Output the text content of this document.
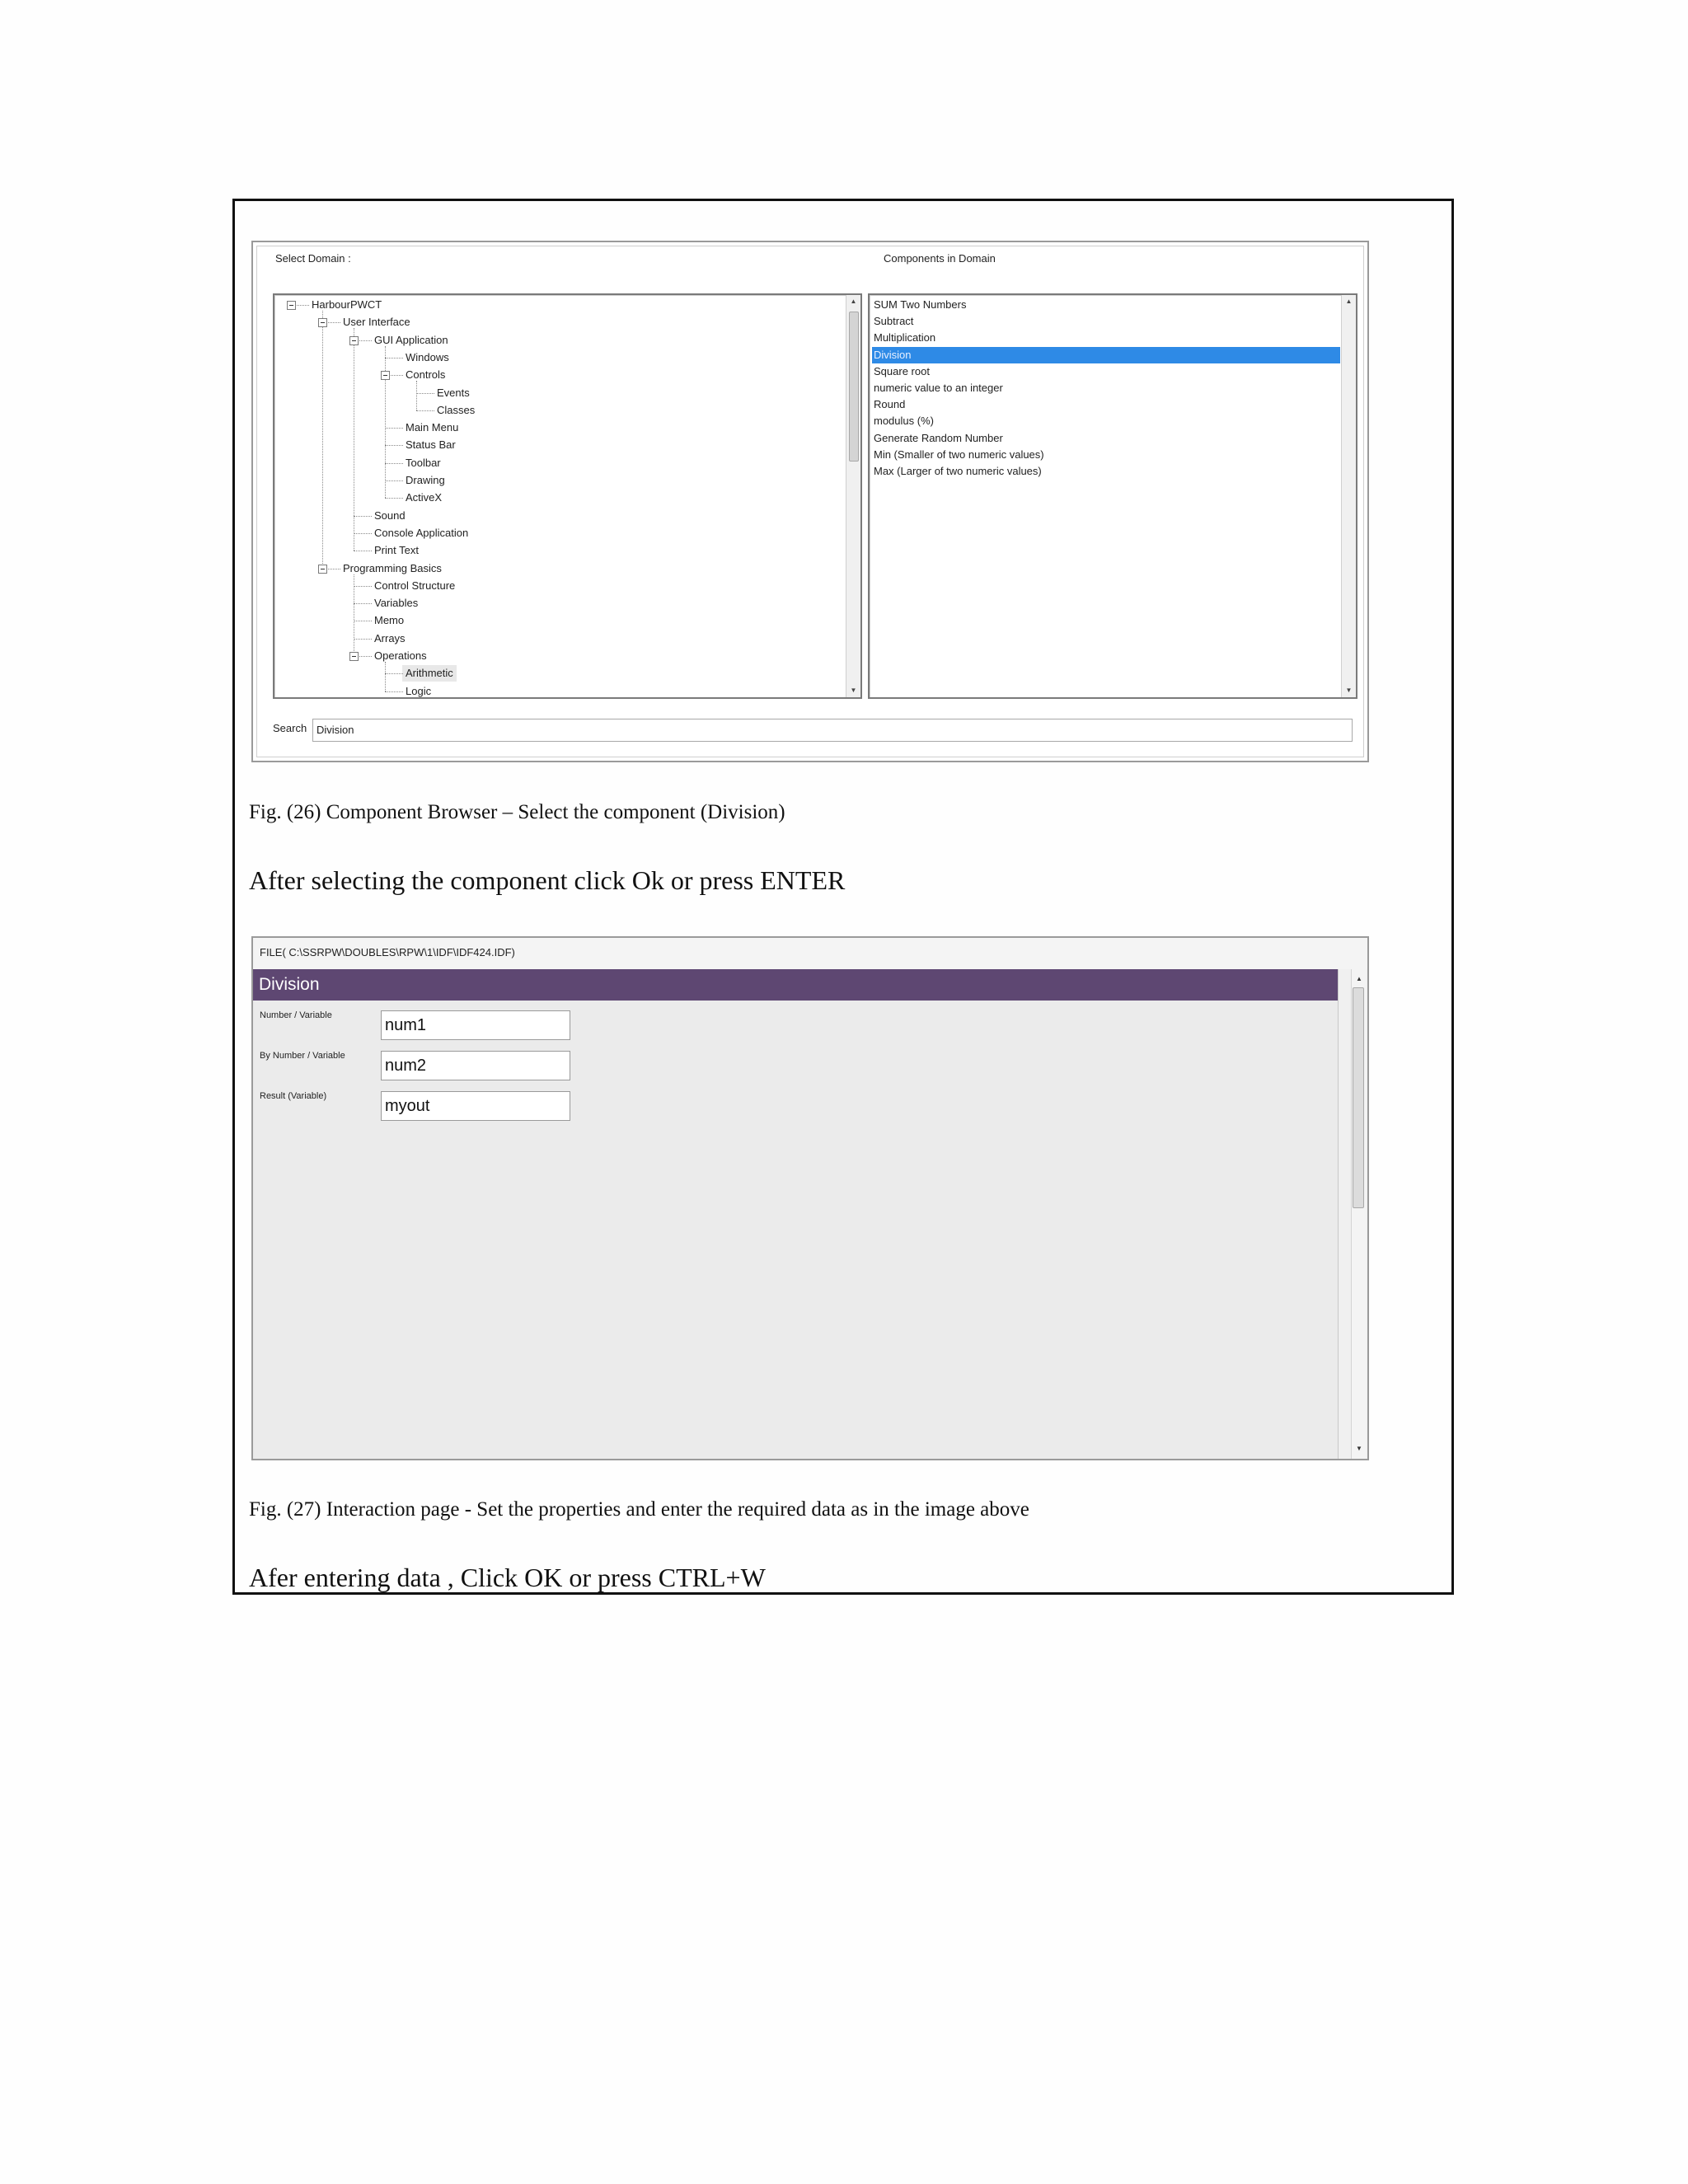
Select Domain :	Components in Domain
HarbourPWCT
User Interface
GUI Application
Windows
Controls
Events
Classes
Main Menu
Status Bar
Toolbar
Drawing
ActiveX
Sound
Console Application
Print Text
Programming Basics
Control Structure
Variables
Memo
Arrays
Operations
Arithmetic
Logic
▲
▼
SUM Two Numbers
Subtract
Multiplication
Division
Square root
numeric value to an integer
Round
modulus (%)
Generate Random Number
Min (Smaller of two numeric values)
Max (Larger of two numeric values)
▲
▼
Search Division
Fig. (26) Component Browser – Select the component (Division)
After selecting the component click Ok or press ENTER
FILE( C:\SSRPW\DOUBLES\RPW\1\IDF\IDF424.IDF)
Division
Number / Variable
num1
By Number / Variable
num2
Result (Variable)
myout
▲
▼
Fig. (27) Interaction page - Set the properties and enter the required data as in the image above
Afer entering data , Click OK or press CTRL+W
